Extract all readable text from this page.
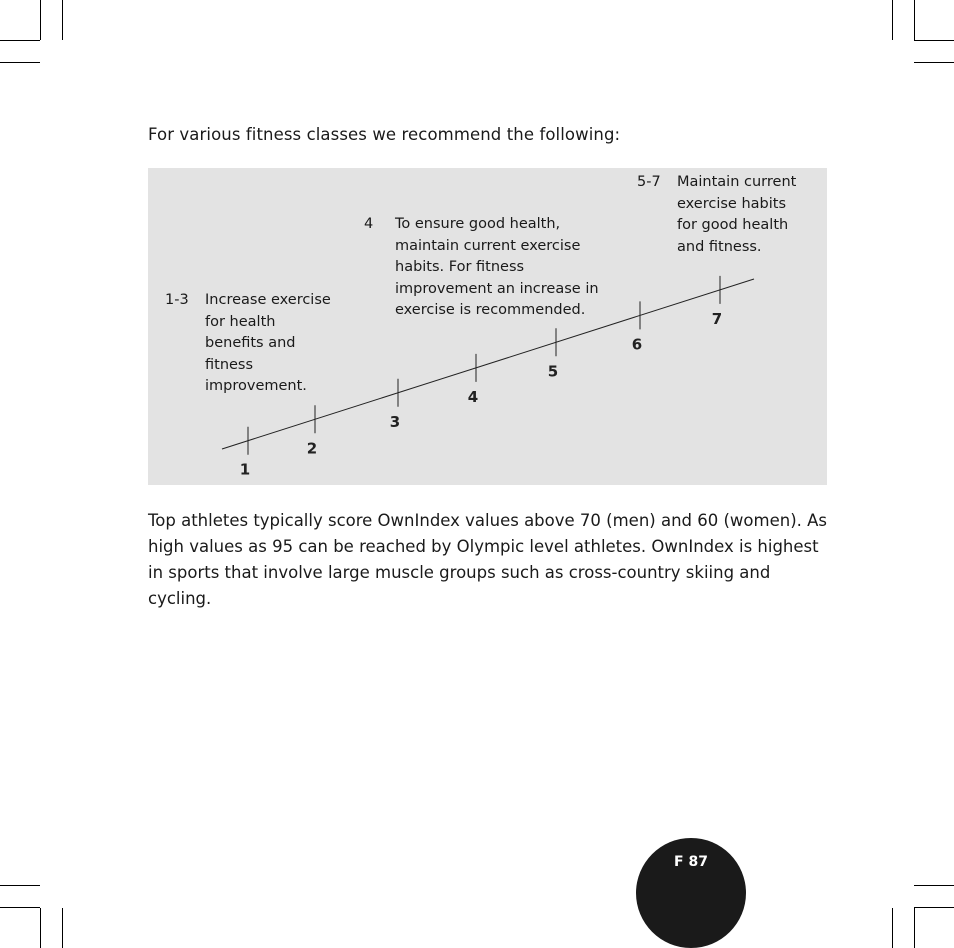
For various fitness classes we recommend the following:
1
2
3
4
5
6
7
1-3 Increase exercise
for health
benefits and
fitness
improvement.
4 To ensure good health,
maintain current exercise
habits. For fitness
improvement an increase in
exercise is recommended.
5-7 Maintain current
exercise habits
for good health
and fitness.

Top athletes typically score OwnIndex values above 70 (men) and 60 (women). As high values as 95 can be reached by Olympic level athletes. OwnIndex is highest in sports that involve large muscle groups such as cross-country skiing and cycling.

F 87
